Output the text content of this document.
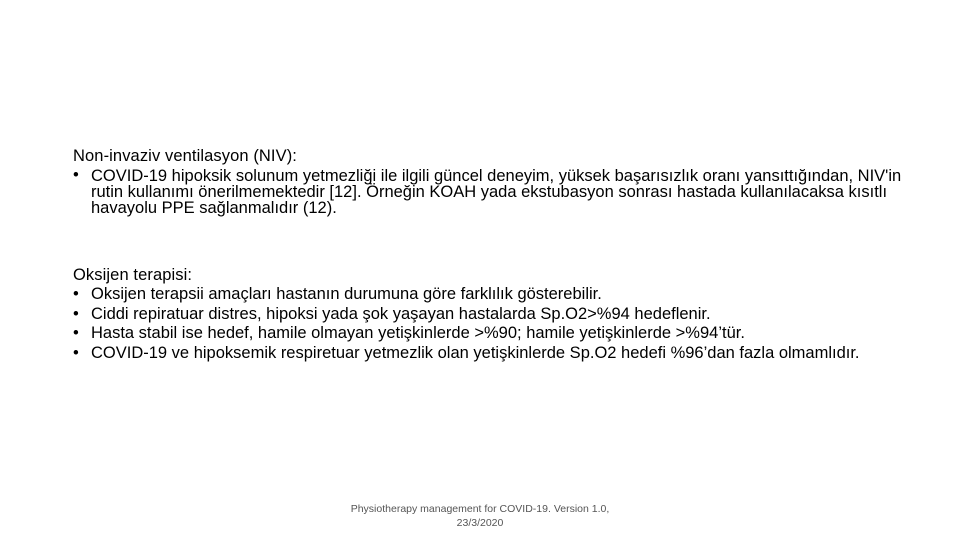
Non-invaziv ventilasyon (NIV):

• COVID-19 hipoksik solunum yetmezliği ile ilgili güncel deneyim, yüksek başarısızlık oranı yansıttığından, NIV'in rutin kullanımı önerilmemektedir [12]. Örneğin KOAH yada ekstubasyon sonrası hastada kullanılacaksa kısıtlı havayolu PPE sağlanmalıdır (12).

Oksijen terapisi:

• Oksijen terapsii amaçları hastanın durumuna göre farklılık gösterebilir.
• Ciddi repiratuar distres, hipoksi yada şok yaşayan hastalarda Sp.O2>%94 hedeflenir.
• Hasta stabil ise hedef, hamile olmayan yetişkinlerde >%90; hamile yetişkinlerde >%94’tür.
• COVID-19 ve hipoksemik respiretuar yetmezlik olan yetişkinlerde Sp.O2 hedefi %96’dan fazla olmamlıdır.
Physiotherapy management for COVID-19. Version 1.0,
23/3/2020
